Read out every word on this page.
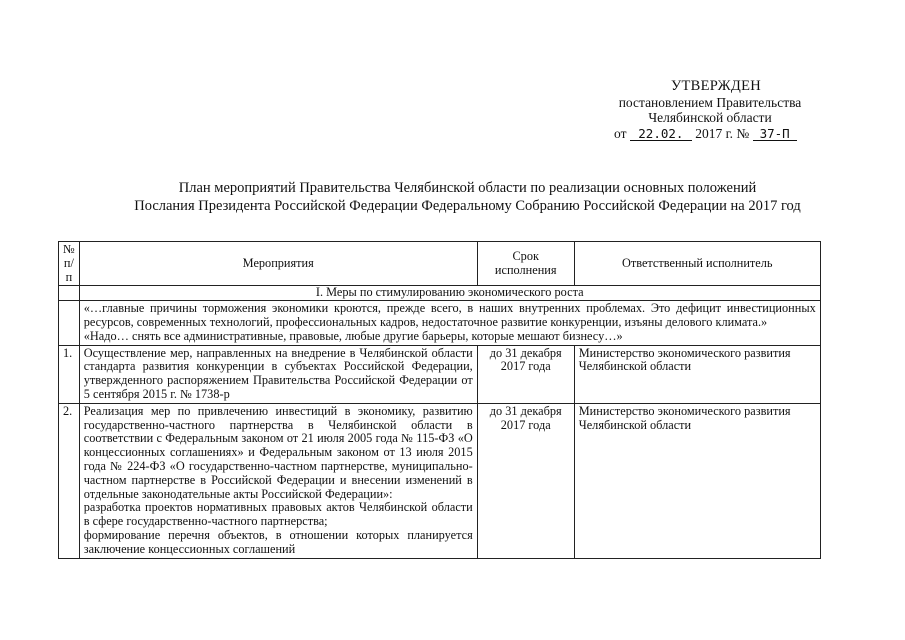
УТВЕРЖДЕН
постановлением Правительства
Челябинской области
от 22.02. 2017 г. № 37-П
План мероприятий Правительства Челябинской области по реализации основных положений
Послания Президента Российской Федерации Федеральному Собранию Российской Федерации на 2017 год
№ п/п	Мероприятия	Срок исполнения	Ответственный исполнитель
	I. Меры по стимулированию экономического роста		

	«…главные причины торможения экономики кроются, прежде всего, в наших внутренних проблемах. Это дефицит инвестиционных ресурсов, современных технологий, профессиональных кадров, недостаточное развитие конкуренции, изъяны делового климата.»
«Надо… снять все административные, правовые, любые другие барьеры, которые мешают бизнесу…»		

1.	Осуществление мер, направленных на внедрение в Челябинской области стандарта развития конкуренции в субъектах Российской Федерации, утвержденного распоряжением Правительства Российской Федерации от 5 сентября 2015 г. № 1738-р	до 31 декабря 2017 года	Министерство экономического развития Челябинской области
2.	Реализация мер по привлечению инвестиций в экономику, развитию государственно-частного партнерства в Челябинской области в соответствии с Федеральным законом от 21 июля 2005 года № 115-ФЗ «О концессионных соглашениях» и Федеральным законом от 13 июля 2015 года № 224-ФЗ «О государственно-частном партнерстве, муниципально-частном партнерстве в Российской Федерации и внесении изменений в отдельные законодательные акты Российской Федерации»:
разработка проектов нормативных правовых актов Челябинской области в сфере государственно-частного партнерства;
формирование перечня объектов, в отношении которых планируется заключение концессионных соглашений	до 31 декабря 2017 года	Министерство экономического развития Челябинской области
